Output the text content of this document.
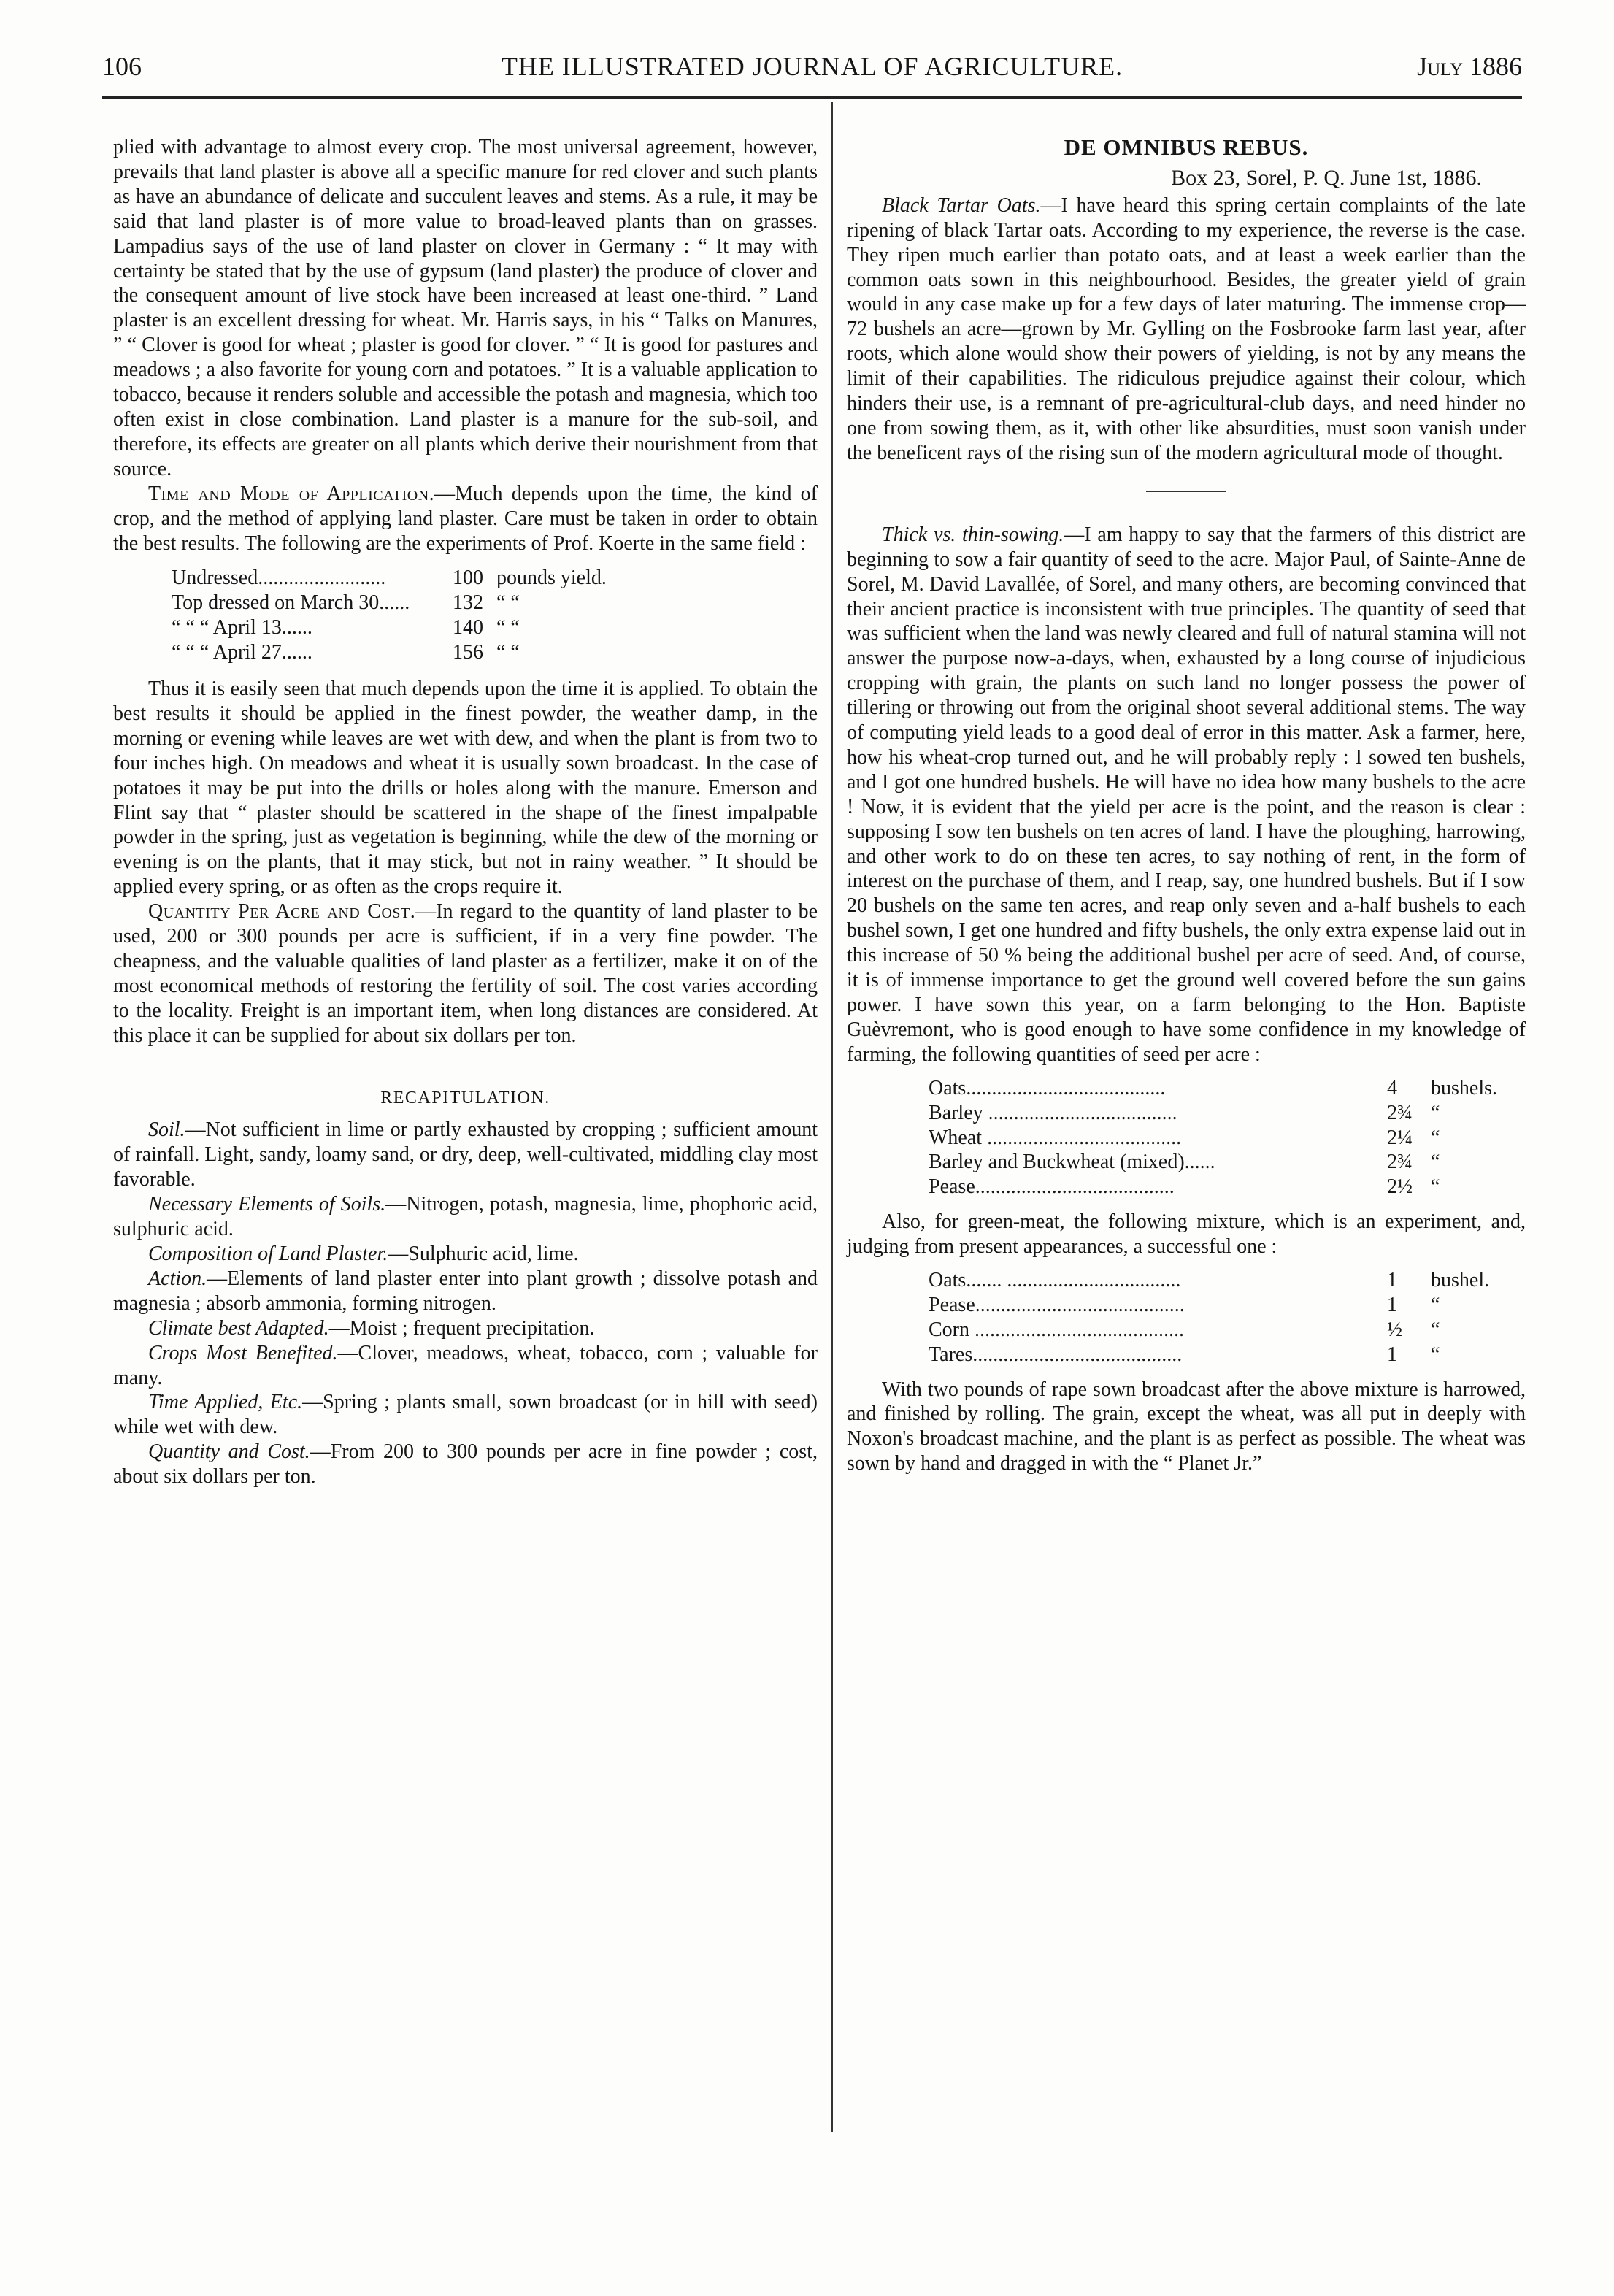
106	THE ILLUSTRATED JOURNAL OF AGRICULTURE.	July 1886

plied with advantage to almost every crop. The most universal agreement, however, prevails that land plaster is above all a specific manure for red clover and such plants as have an abundance of delicate and succulent leaves and stems. As a rule, it may be said that land plaster is of more value to broad-leaved plants than on grasses. Lampadius says of the use of land plaster on clover in Germany : “ It may with certainty be stated that by the use of gypsum (land plaster) the produce of clover and the consequent amount of live stock have been increased at least one-third. ” Land plaster is an excellent dressing for wheat. Mr. Harris says, in his “ Talks on Manures, ” “ Clover is good for wheat ; plaster is good for clover. ” “ It is good for pastures and meadows ; a also favorite for young corn and potatoes. ” It is a valuable application to tobacco, because it renders soluble and accessible the potash and magnesia, which too often exist in close combination. Land plaster is a manure for the sub-soil, and therefore, its effects are greater on all plants which derive their nourishment from that source.

Time and Mode of Application.—Much depends upon the time, the kind of crop, and the method of applying land plaster. Care must be taken in order to obtain the best results. The following are the experiments of Prof. Koerte in the same field :

Undressed.........................	100 pounds yield.
Top dressed on March 30...... 132 “ “
“ “ “ April 13......	140 “ “
“ “ “ April 27......	156 “ “

Thus it is easily seen that much depends upon the time it is applied. To obtain the best results it should be applied in the finest powder, the weather damp, in the morning or evening while leaves are wet with dew, and when the plant is from two to four inches high. On meadows and wheat it is usually sown broadcast. In the case of potatoes it may be put into the drills or holes along with the manure. Emerson and Flint say that “ plaster should be scattered in the shape of the finest impalpable powder in the spring, just as vegetation is beginning, while the dew of the morning or evening is on the plants, that it may stick, but not in rainy weather. ” It should be applied every spring, or as often as the crops require it.

Quantity Per Acre and Cost.—In regard to the quantity of land plaster to be used, 200 or 300 pounds per acre is sufficient, if in a very fine powder. The cheapness, and the valuable qualities of land plaster as a fertilizer, make it on of the most economical methods of restoring the fertility of soil. The cost varies according to the locality. Freight is an important item, when long distances are considered. At this place it can be supplied for about six dollars per ton.

RECAPITULATION.

Soil.—Not sufficient in lime or partly exhausted by cropping ; sufficient amount of rainfall. Light, sandy, loamy sand, or dry, deep, well-cultivated, middling clay most favorable.

Necessary Elements of Soils.—Nitrogen, potash, magnesia, lime, phophoric acid, sulphuric acid.

Composition of Land Plaster.—Sulphuric acid, lime.

Action.—Elements of land plaster enter into plant growth ; dissolve potash and magnesia ; absorb ammonia, forming nitrogen.

Climate best Adapted.—Moist ; frequent precipitation.

Crops Most Benefited.—Clover, meadows, wheat, tobacco, corn ; valuable for many.

Time Applied, Etc.—Spring ; plants small, sown broadcast (or in hill with seed) while wet with dew.

Quantity and Cost.—From 200 to 300 pounds per acre in fine powder ; cost, about six dollars per ton.

DE OMNIBUS REBUS.
Box 23, Sorel, P. Q. June 1st, 1886.

Black Tartar Oats.—I have heard this spring certain complaints of the late ripening of black Tartar oats. According to my experience, the reverse is the case. They ripen much earlier than potato oats, and at least a week earlier than the common oats sown in this neighbourhood. Besides, the greater yield of grain would in any case make up for a few days of later maturing. The immense crop—72 bushels an acre—grown by Mr. Gylling on the Fosbrooke farm last year, after roots, which alone would show their powers of yielding, is not by any means the limit of their capabilities. The ridiculous prejudice against their colour, which hinders their use, is a remnant of pre-agricultural-club days, and need hinder no one from sowing them, as it, with other like absurdities, must soon vanish under the beneficent rays of the rising sun of the modern agricultural mode of thought.

Thick vs. thin-sowing.—I am happy to say that the farmers of this district are beginning to sow a fair quantity of seed to the acre. Major Paul, of Sainte-Anne de Sorel, M. David Lavallée, of Sorel, and many others, are becoming convinced that their ancient practice is inconsistent with true principles. The quantity of seed that was sufficient when the land was newly cleared and full of natural stamina will not answer the purpose now-a-days, when, exhausted by a long course of injudicious cropping with grain, the plants on such land no longer possess the power of tillering or throwing out from the original shoot several additional stems. The way of computing yield leads to a good deal of error in this matter. Ask a farmer, here, how his wheat-crop turned out, and he will probably reply : I sowed ten bushels, and I got one hundred bushels. He will have no idea how many bushels to the acre ! Now, it is evident that the yield per acre is the point, and the reason is clear : supposing I sow ten bushels on ten acres of land. I have the ploughing, harrowing, and other work to do on these ten acres, to say nothing of rent, in the form of interest on the purchase of them, and I reap, say, one hundred bushels. But if I sow 20 bushels on the same ten acres, and reap only seven and a-half bushels to each bushel sown, I get one hundred and fifty bushels, the only extra expense laid out in this increase of 50 % being the additional bushel per acre of seed. And, of course, it is of immense importance to get the ground well covered before the sun gains power. I have sown this year, on a farm belonging to the Hon. Baptiste Guèvremont, who is good enough to have some confidence in my knowledge of farming, the following quantities of seed per acre :

Oats.......................................	4 bushels.
Barley .....................................	2¾ “
Wheat ......................................	2¼ “
Barley and Buckwheat (mixed)......	2¾ “
Pease.......................................	2½ “

Also, for green-meat, the following mixture, which is an experiment, and, judging from present appearances, a successful one :

Oats....... ..................................	1 bushel.
Pease.........................................	1 “
Corn .........................................	½ “
Tares.........................................	1 “

With two pounds of rape sown broadcast after the above mixture is harrowed, and finished by rolling. The grain, except the wheat, was all put in deeply with Noxon's broadcast machine, and the plant is as perfect as possible. The wheat was sown by hand and dragged in with the “ Planet Jr.”
